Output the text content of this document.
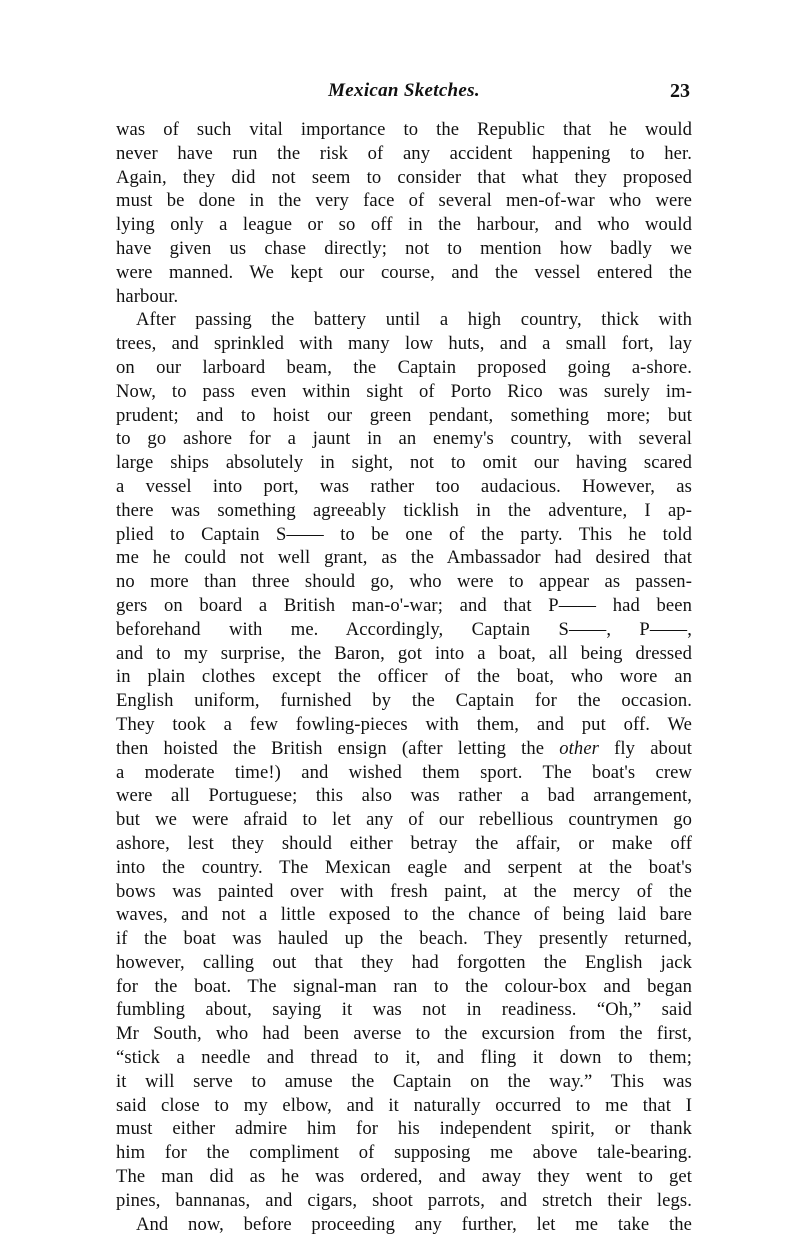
Mexican Sketches.	23
was of such vital importance to the Republic that he would
never have run the risk of any accident happening to her.
Again, they did not seem to consider that what they proposed
must be done in the very face of several men-of-war who were
lying only a league or so off in the harbour, and who would
have given us chase directly; not to mention how badly we
were manned. We kept our course, and the vessel entered the
harbour.
After passing the battery until a high country, thick with
trees, and sprinkled with many low huts, and a small fort, lay
on our larboard beam, the Captain proposed going a-shore.
Now, to pass even within sight of Porto Rico was surely im-
prudent; and to hoist our green pendant, something more; but
to go ashore for a jaunt in an enemy's country, with several
large ships absolutely in sight, not to omit our having scared
a vessel into port, was rather too audacious. However, as
there was something agreeably ticklish in the adventure, I ap-
plied to Captain S—— to be one of the party. This he told
me he could not well grant, as the Ambassador had desired that
no more than three should go, who were to appear as passen-
gers on board a British man-o'-war; and that P—— had been
beforehand with me. Accordingly, Captain S——, P——,
and to my surprise, the Baron, got into a boat, all being dressed
in plain clothes except the officer of the boat, who wore an
English uniform, furnished by the Captain for the occasion.
They took a few fowling-pieces with them, and put off. We
then hoisted the British ensign (after letting the other fly about
a moderate time!) and wished them sport. The boat's crew
were all Portuguese; this also was rather a bad arrangement,
but we were afraid to let any of our rebellious countrymen go
ashore, lest they should either betray the affair, or make off
into the country. The Mexican eagle and serpent at the boat's
bows was painted over with fresh paint, at the mercy of the
waves, and not a little exposed to the chance of being laid bare
if the boat was hauled up the beach. They presently returned,
however, calling out that they had forgotten the English jack
for the boat. The signal-man ran to the colour-box and began
fumbling about, saying it was not in readiness. “Oh,” said
Mr South, who had been averse to the excursion from the first,
“stick a needle and thread to it, and fling it down to them;
it will serve to amuse the Captain on the way.” This was
said close to my elbow, and it naturally occurred to me that I
must either admire him for his independent spirit, or thank
him for the compliment of supposing me above tale-bearing.
The man did as he was ordered, and away they went to get
pines, bannanas, and cigars, shoot parrots, and stretch their legs.
And now, before proceeding any further, let me take the
